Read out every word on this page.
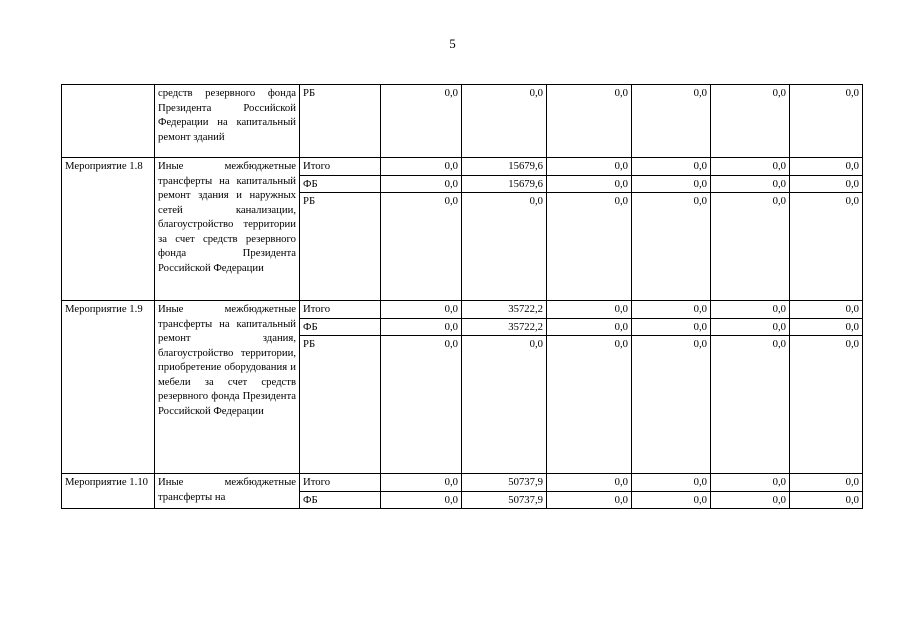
5
	средств резервного фонда Президента Российской Федерации на капитальный ремонт зданий	РБ	0,0	0,0	0,0	0,0	0,0	0,0
Мероприятие 1.8	Иные межбюджетные трансферты на капитальный ремонт здания и наружных сетей канализации, благоустройство территории за счет средств резервного фонда Президента Российской Федерации	Итого	0,0	15679,6	0,0	0,0	0,0	0,0
		ФБ	0,0	15679,6	0,0	0,0	0,0	0,0
		РБ	0,0	0,0	0,0	0,0	0,0	0,0
Мероприятие 1.9	Иные межбюджетные трансферты на капитальный ремонт здания, благоустройство территории, приобретение оборудования и мебели за счет средств резервного фонда Президента Российской Федерации	Итого	0,0	35722,2	0,0	0,0	0,0	0,0
		ФБ	0,0	35722,2	0,0	0,0	0,0	0,0
		РБ	0,0	0,0	0,0	0,0	0,0	0,0
Мероприятие 1.10	Иные межбюджетные трансферты на	Итого	0,0	50737,9	0,0	0,0	0,0	0,0
		ФБ	0,0	50737,9	0,0	0,0	0,0	0,0
